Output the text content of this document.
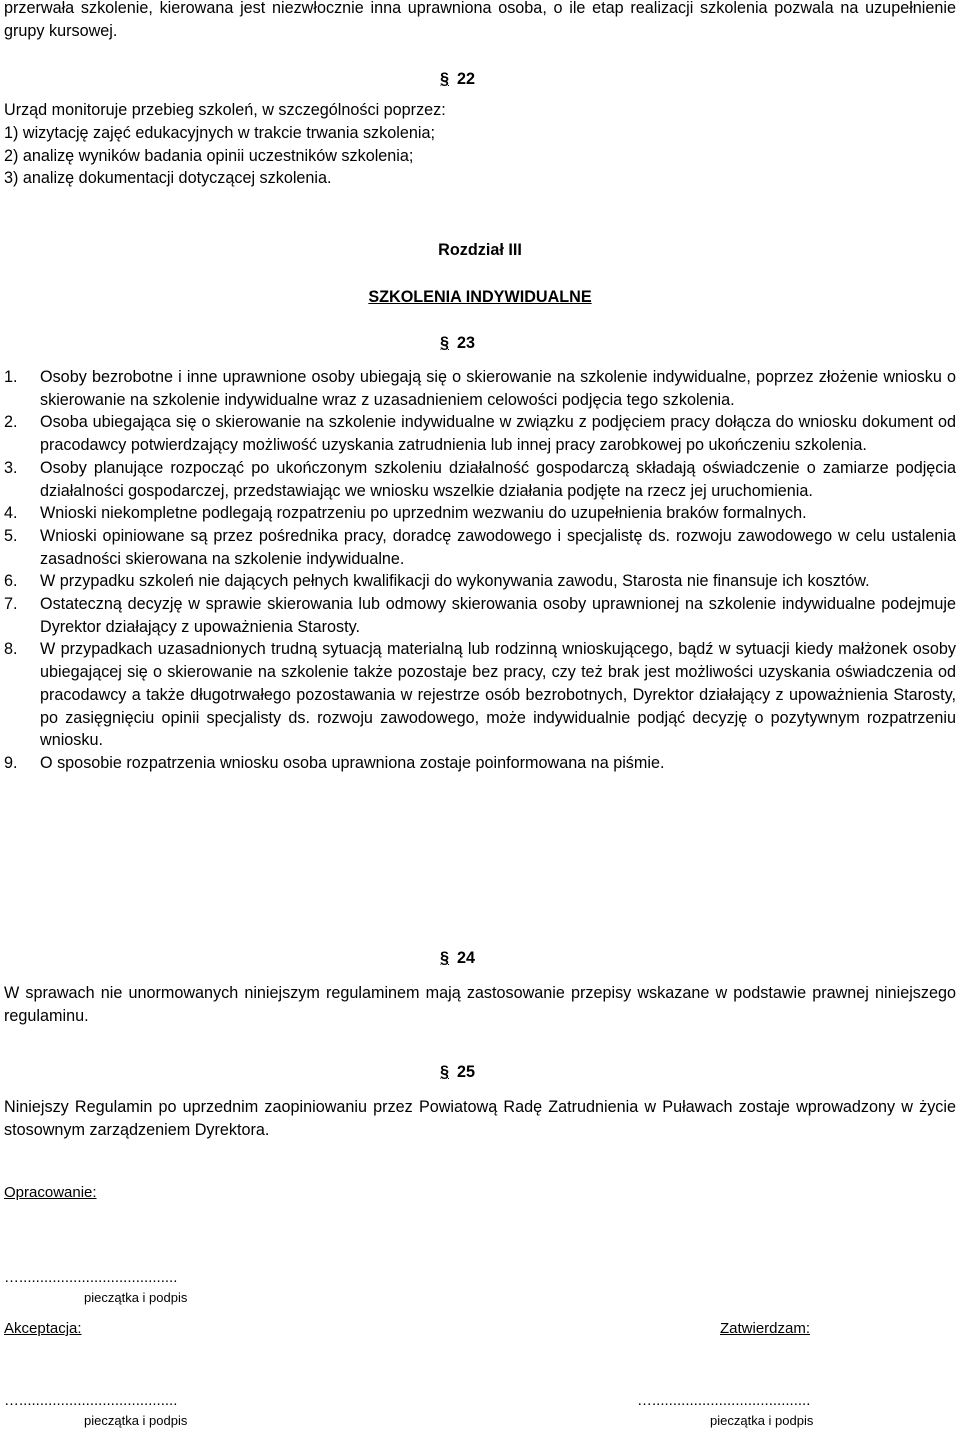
przerwała szkolenie, kierowana jest niezwłocznie inna uprawniona osoba, o ile etap realizacji szkolenia pozwala na uzupełnienie grupy kursowej.

§ 22

Urząd monitoruje przebieg szkoleń, w szczególności poprzez:

1) wizytację zajęć edukacyjnych w trakcie trwania szkolenia;
2) analizę wyników badania opinii uczestników szkolenia;
3) analizę dokumentacji dotyczącej szkolenia.
Rozdział III
SZKOLENIA INDYWIDUALNE
§ 23
1. Osoby bezrobotne i inne uprawnione osoby ubiegają się o skierowanie na szkolenie indywidualne, poprzez złożenie wniosku o skierowanie na szkolenie indywidualne wraz z uzasadnieniem celowości podjęcia tego szkolenia.
2. Osoba ubiegająca się o skierowanie na szkolenie indywidualne w związku z podjęciem pracy dołącza do wniosku dokument od pracodawcy potwierdzający możliwość uzyskania zatrudnienia lub innej pracy zarobkowej po ukończeniu szkolenia.
3. Osoby planujące rozpocząć po ukończonym szkoleniu działalność gospodarczą składają oświadczenie o zamiarze podjęcia działalności gospodarczej, przedstawiając we wniosku wszelkie działania podjęte na rzecz jej uruchomienia.
4. Wnioski niekompletne podlegają rozpatrzeniu po uprzednim wezwaniu do uzupełnienia braków formalnych.
5. Wnioski opiniowane są przez pośrednika pracy, doradcę zawodowego i specjalistę ds. rozwoju zawodowego w celu ustalenia zasadności skierowana na szkolenie indywidualne.
6. W przypadku szkoleń nie dających pełnych kwalifikacji do wykonywania zawodu, Starosta nie finansuje ich kosztów.
7. Ostateczną decyzję w sprawie skierowania lub odmowy skierowania osoby uprawnionej na szkolenie indywidualne podejmuje Dyrektor działający z upoważnienia Starosty.
8. W przypadkach uzasadnionych trudną sytuacją materialną lub rodzinną wnioskującego, bądź w sytuacji kiedy małżonek osoby ubiegającej się o skierowanie na szkolenie także pozostaje bez pracy, czy też brak jest możliwości uzyskania oświadczenia od pracodawcy a także długotrwałego pozostawania w rejestrze osób bezrobotnych, Dyrektor działający z upoważnienia Starosty, po zasięgnięciu opinii specjalisty ds. rozwoju zawodowego, może indywidualnie podjąć decyzję o pozytywnym rozpatrzeniu wniosku.
9. O sposobie rozpatrzenia wniosku osoba uprawniona zostaje poinformowana na piśmie.
§ 24

W sprawach nie unormowanych niniejszym regulaminem mają zastosowanie przepisy wskazane w podstawie prawnej niniejszego regulaminu.

§ 25

Niniejszy Regulamin po uprzednim zaopiniowaniu przez Powiatową Radę Zatrudnienia w Puławach zostaje wprowadzony w życie stosownym zarządzeniem Dyrektora.

Opracowanie:
…......................................
pieczątka i podpis
Akceptacja:	Zatwierdzam:
…......................................
pieczątka i podpis
…......................................
pieczątka i podpis
